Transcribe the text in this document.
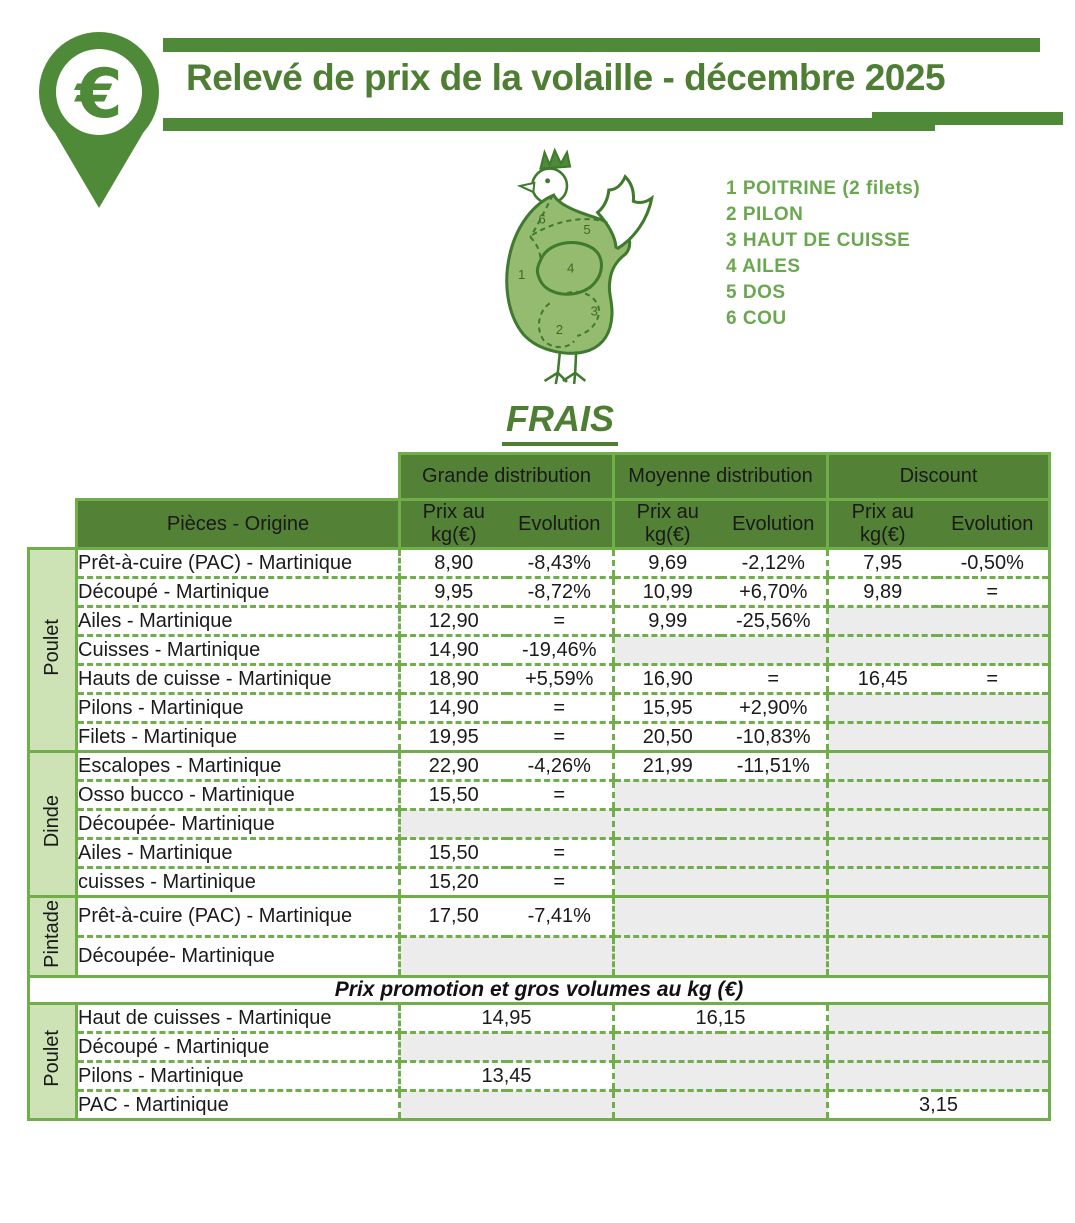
€ Relevé de prix de la volaille - décembre 2025
6
5
1	4
3
2
1 POITRINE (2 filets)
2 PILON
3 HAUT DE CUISSE
4 AILES
5 DOS
6 COU
FRAIS
		Grande distribution		Moyenne distribution		Discount	
	Pièces - Origine	Prix au kg(€)	Evolution	Prix au kg(€)	Evolution	Prix au kg(€)	Evolution
Poulet	Prêt-à-cuire (PAC) - Martinique	8,90	-8,43%	9,69	-2,12%	7,95	-0,50%
	Découpé - Martinique	9,95	-8,72%	10,99	+6,70%	9,89	=
	Ailes - Martinique	12,90	=	9,99	-25,56%		
	Cuisses - Martinique	14,90	-19,46%				
	Hauts de cuisse - Martinique	18,90	+5,59%	16,90	=	16,45	=
	Pilons - Martinique	14,90	=	15,95	+2,90%		
	Filets - Martinique	19,95	=	20,50	-10,83%		
Dinde	Escalopes - Martinique	22,90	-4,26%	21,99	-11,51%		
	Osso bucco - Martinique	15,50	=				
	Découpée- Martinique						
	Ailes - Martinique	15,50	=				
	cuisses - Martinique	15,20	=				
Pintade	Prêt-à-cuire (PAC) - Martinique	17,50	-7,41%				
	Découpée- Martinique						
Prix promotion et gros volumes au kg (€)							
Poulet	Haut de cuisses - Martinique	14,95		16,15			
	Découpé - Martinique						
	Pilons - Martinique	13,45					
	PAC - Martinique					3,15	
